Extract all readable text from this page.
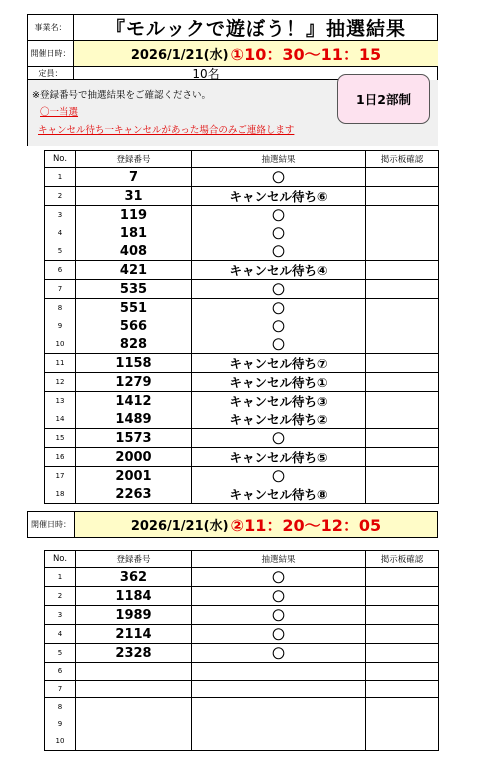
事業名：	『モルックで遊ぼう！』抽選結果
開催日時：	2026/1/21(水) ①10：30～11：15
定員：	10名
※登録番号で抽選結果をご確認ください。
〇一当選
キャンセル待ち一キャンセルがあった場合のみご連絡します
1日2部制
No.	登録番号	抽選結果	掲示板確認
1	7	〇	
2	31	キャンセル待ち⑥	
3	119	〇	
4	181	〇	
5	408	〇	
6	421	キャンセル待ち④	
7	535	〇	
8	551	〇	
9	566	〇	
10	828	〇	
11	1158	キャンセル待ち⑦	
12	1279	キャンセル待ち①	
13	1412	キャンセル待ち③	
14	1489	キャンセル待ち②	
15	1573	〇	
16	2000	キャンセル待ち⑤	
17	2001	〇	
18	2263	キャンセル待ち⑧	
開催日時：	2026/1/21(水) ②11：20～12：05
No.	登録番号	抽選結果	掲示板確認
1	362	〇	
2	1184	〇	
3	1989	〇	
4	2114	〇	
5	2328	〇	
6			
7			
8			
9			
10			
